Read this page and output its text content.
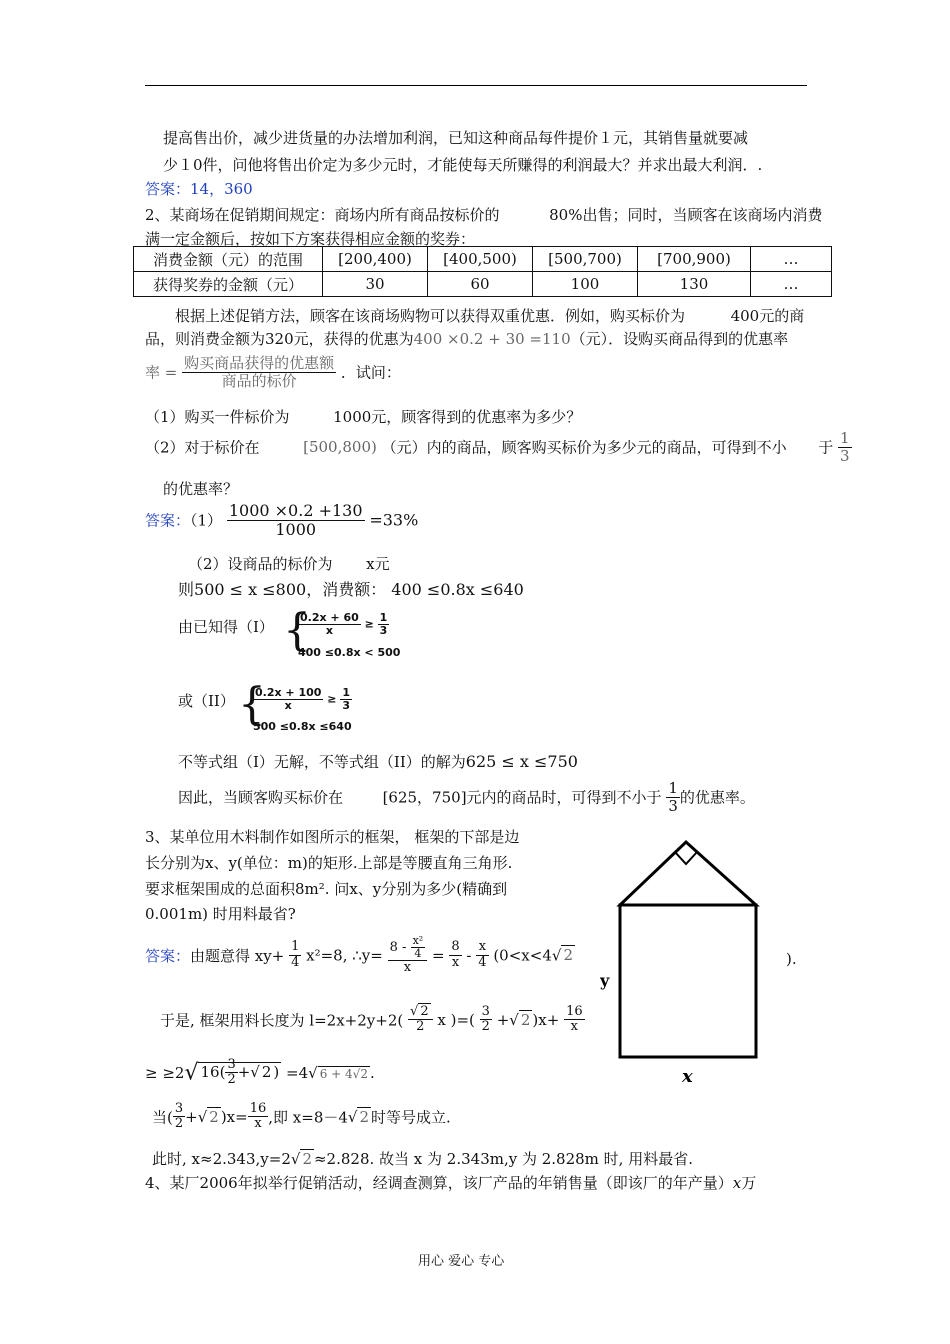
提高售出价，减少进货量的办法增加利润，已知这种商品每件提价１元，其销售量就要减
少１0件，问他将售出价定为多少元时，才能使每天所赚得的利润最大？并求出最大利润．.
答案：14，360
2、某商场在促销期间规定：商场内所有商品按标价的	80%出售；同时，当顾客在该商场内消费
满一定金额后，按如下方案获得相应金额的奖券：
消费金额（元）的范围	[200,400)	[400,500)	[500,700)	[700,900)	…
获得奖券的金额（元）	30	60	100	130	…
根据上述促销方法，顾客在该商场购物可以获得双重优惠．例如，购买标价为	400元的商
品，则消费金额为320元，获得的优惠为400 ×0.2 + 30 =110（元）．设购买商品得到的优惠率
率 = $\frac{\text{购买商品获得的优惠额}}{\text{商品的标价}}$ ．试问：
（1）购买一件标价为	1000元，顾客得到的优惠率为多少？
（2）对于标价在	[500,800) （元）内的商品，顾客购买标价为多少元的商品，可得到不小 于 $\frac{1}{3}$
的优惠率？
答案：$(1) \frac{1000 \times 0.2 +130}{1000} =33\%$
（2）设商品的标价为 x元
则500 ≤ x ≤800，消费额： 400 ≤0.8x ≤640
由已知得（I） {
$\frac{0.2x + 60}{x} \ge \frac{1}{3}$
400 ≤0.8x < 500
或（II） {
$\frac{0.2x + 100}{x} \ge \frac{1}{3}$
500 ≤0.8x ≤640
不等式组（I）无解，不等式组（II）的解为625 ≤ x ≤750
因此，当顾客购买标价在	[625，750]元内的商品时，可得到不小于 $\frac{1}{3}$ 的优惠率。
3、某单位用木料制作如图所示的框架， 框架的下部是边
长分别为x、y(单位：m)的矩形.上部是等腰直角三角形.
要求框架围成的总面积8m². 问x、y分别为多少(精确到
0.001m) 时用料最省?
y
x
答案：由题意得 $xy+ \frac{1}{4} x^2=8$, ∴y= $\frac{8 - \frac{\text{x²}}{4}}{x} = \frac{8}{x} - \frac{x}{4} (0<x<4√$ 2	).
于是, 框架用料长度为 $l=2x+2y+2( \frac{√ 2}{2}$ x )=( $\frac{3}{2}$ +√ 2 )$x+ \frac{16}{x}$
≥ ≥2√ $16( \frac{3}{2}$ +√ 2 ) =4√ 6 + 4√2 .
当( $\frac{3}{2}$ +√ 2 )$x= \frac{16}{x}$ ,即 x=8－4√ 2 时等号成立.
此时, x≈2.343,y=2√ 2 ≈2.828. 故当 x 为 2.343m,y 为 2.828m 时, 用料最省.
4、某厂2006年拟举行促销活动，经调查测算，该厂产品的年销售量（即该厂的年产量）x万
用心 爱心 专心
